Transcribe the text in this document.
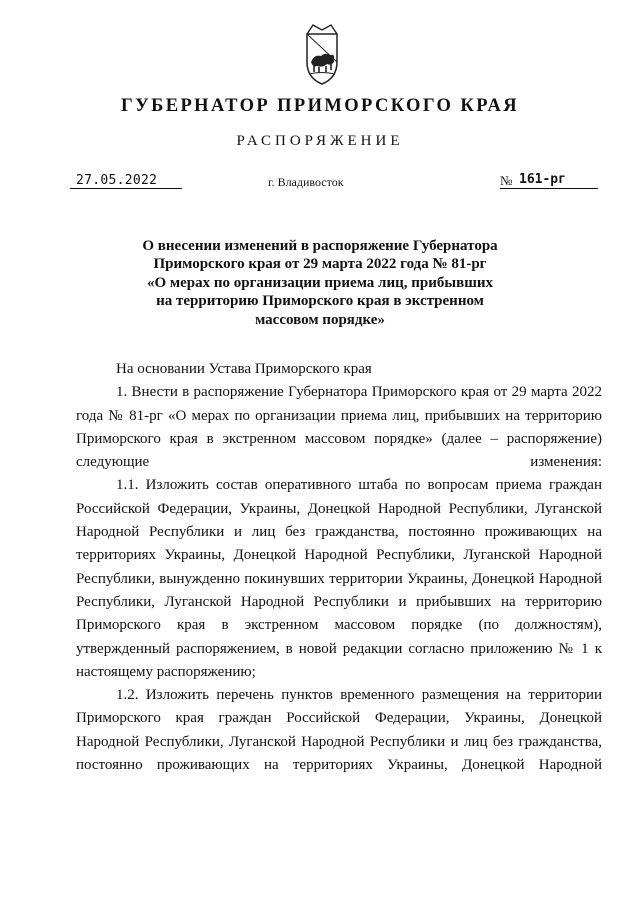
ГУБЕРНАТОР ПРИМОРСКОГО КРАЯ
РАСПОРЯЖЕНИЕ
27.05.2022	г. Владивосток	№ 161-рг
О внесении изменений в распоряжение Губернатора
Приморского края от 29 марта 2022 года № 81-рг
«О мерах по организации приема лиц, прибывших
на территорию Приморского края в экстренном
массовом порядке»

На основании Устава Приморского края

1. Внести в распоряжение Губернатора Приморского края от 29 марта 2022 года № 81-рг «О мерах по организации приема лиц, прибывших на территорию Приморского края в экстренном массовом порядке» (далее – распоряжение) следующие изменения:

1.1. Изложить состав оперативного штаба по вопросам приема граждан Российской Федерации, Украины, Донецкой Народной Республики, Луганской Народной Республики и лиц без гражданства, постоянно проживающих на территориях Украины, Донецкой Народной Республики, Луганской Народной Республики, вынужденно покинувших территории Украины, Донецкой Народной Республики, Луганской Народной Республики и прибывших на территорию Приморского края в экстренном массовом порядке (по должностям), утвержденный распоряжением, в новой редакции согласно приложению № 1 к настоящему распоряжению;

1.2. Изложить перечень пунктов временного размещения на территории Приморского края граждан Российской Федерации, Украины, Донецкой Народной Республики, Луганской Народной Республики и лиц без гражданства, постоянно проживающих на территориях Украины, Донецкой Народной
